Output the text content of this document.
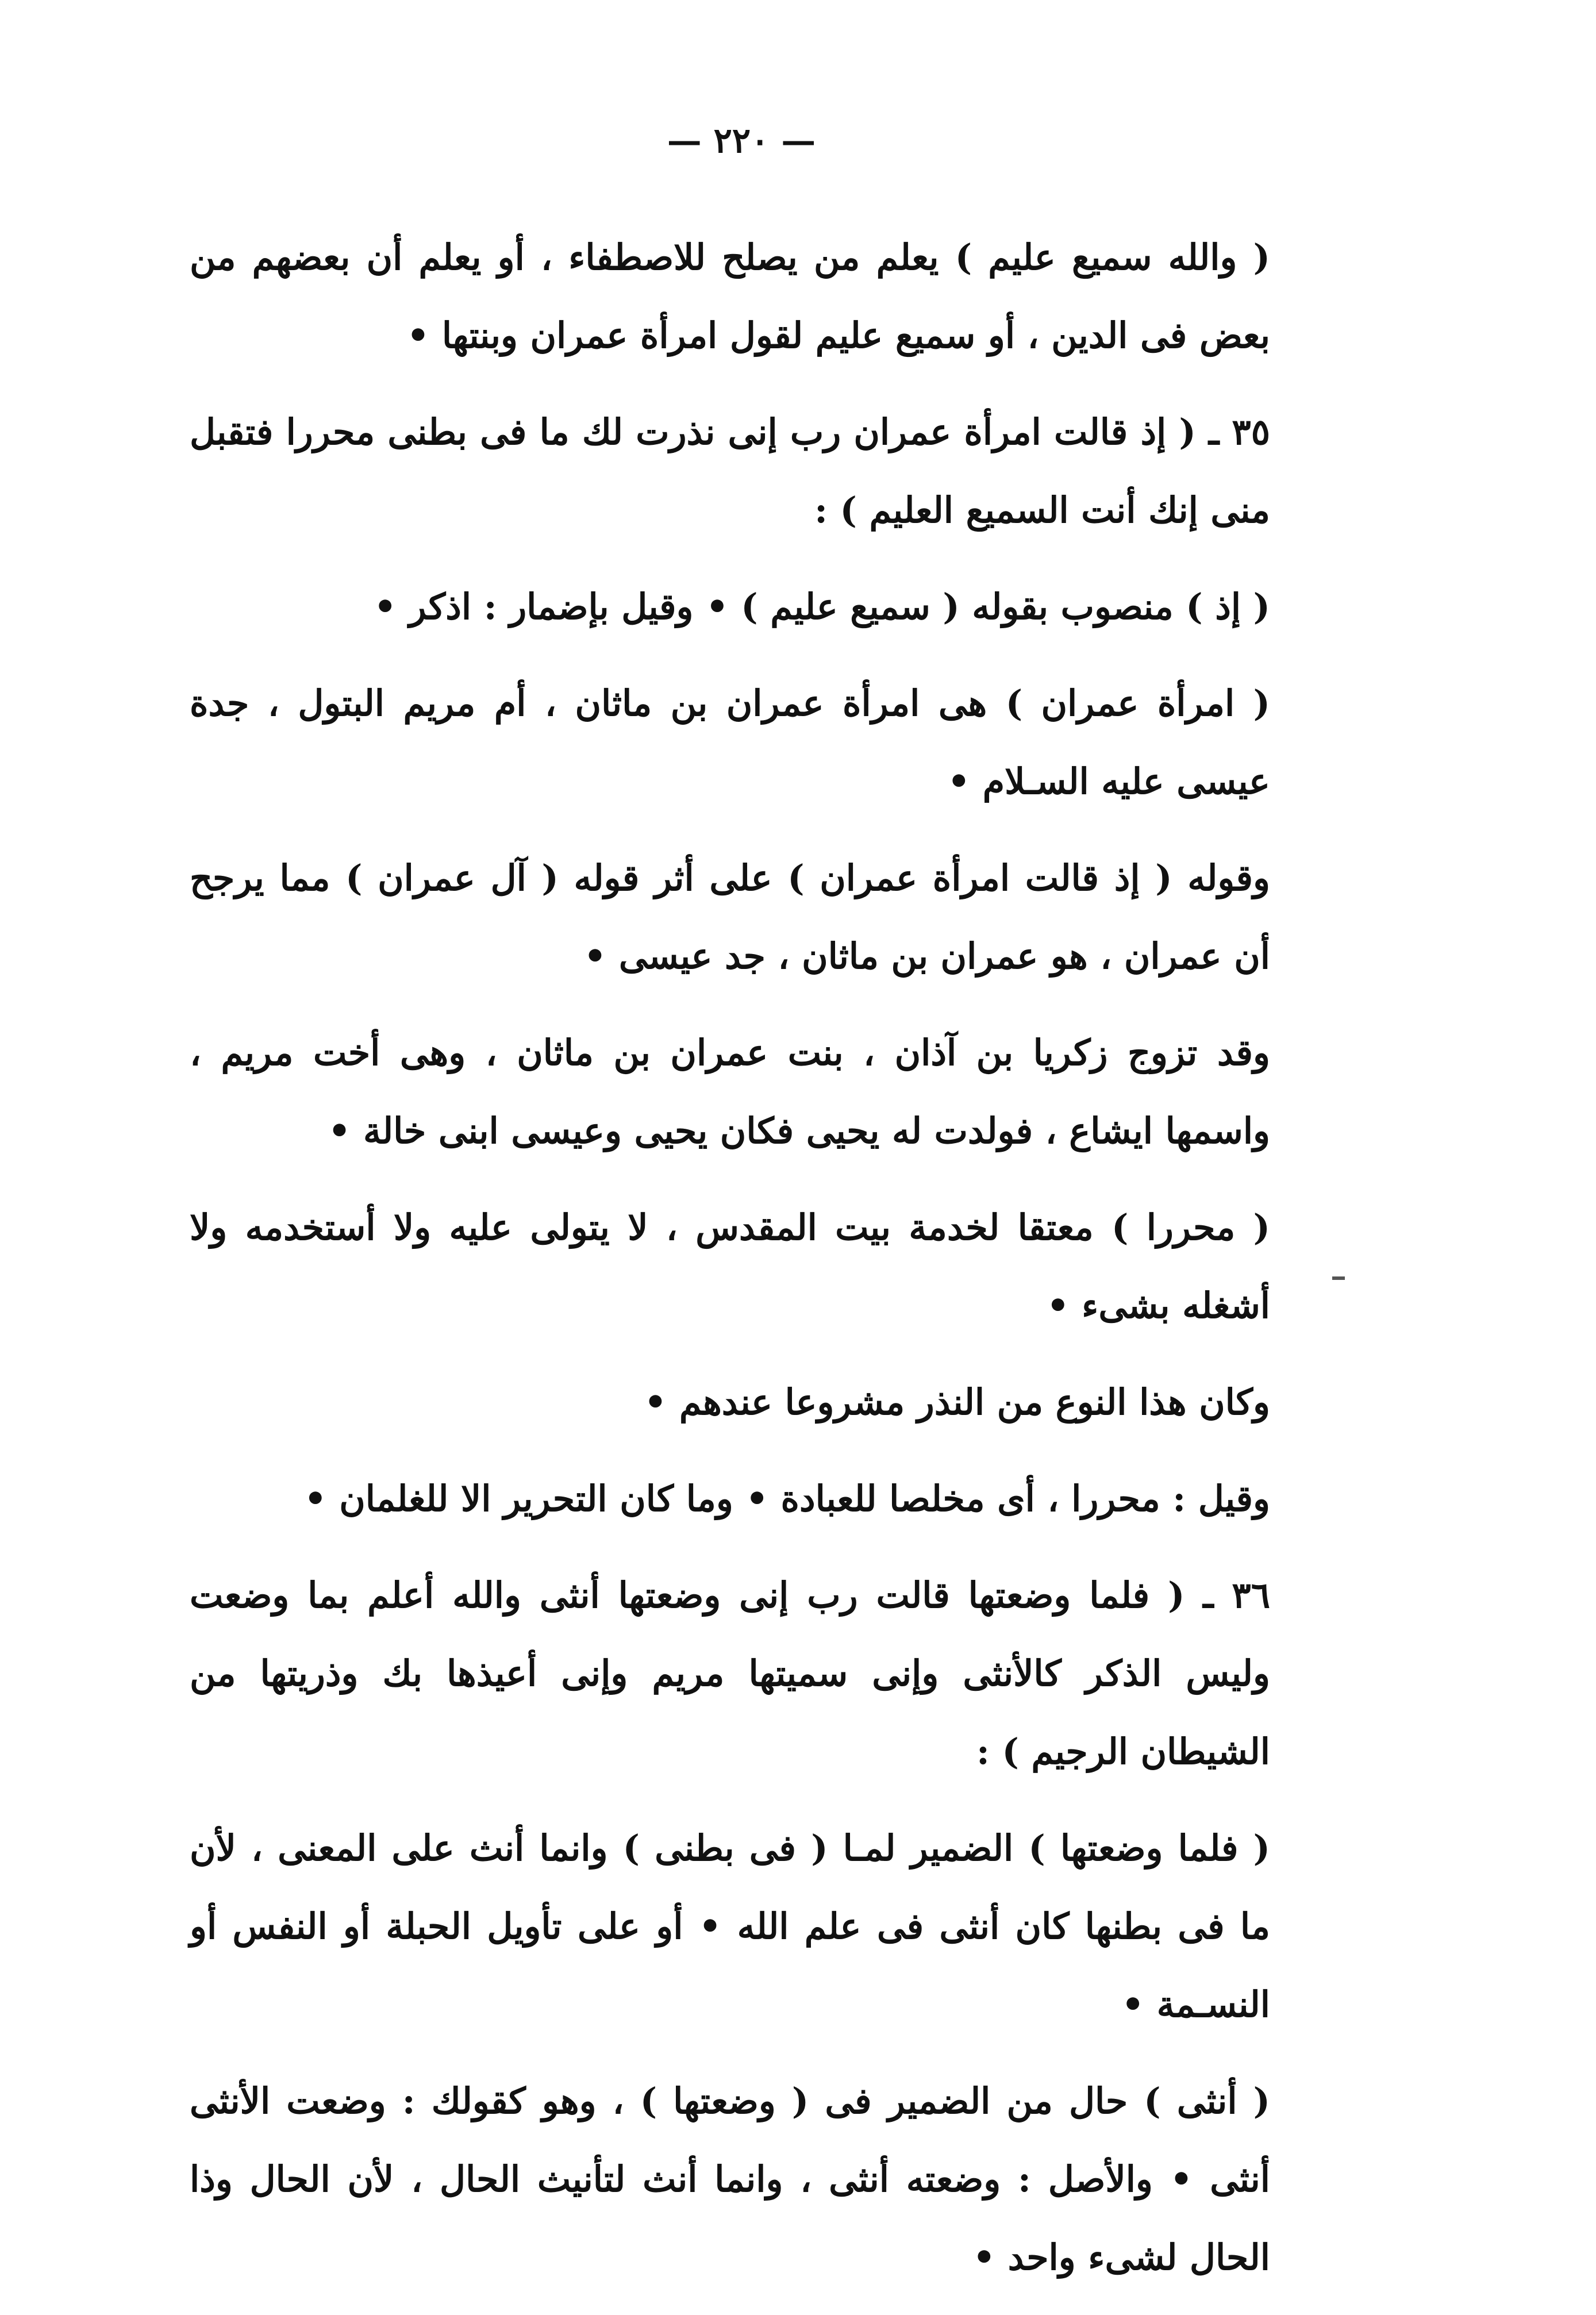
— ٢٢٠ —

( والله سميع عليم ) يعلم من يصلح للاصطفاء ، أو يعلم أن بعضهم من بعض فى الدين ، أو سميع عليم لقول امرأة عمران وبنتها •

٣٥ ـ ( إذ قالت امرأة عمران رب إنى نذرت لك ما فى بطنى محررا فتقبل منى إنك أنت السميع العليم ) :

( إذ ) منصوب بقوله ( سميع عليم ) • وقيل بإضمار : اذكر •

( امرأة عمران ) هى امرأة عمران بن ماثان ، أم مريم البتول ، جدة عيسى عليه السـلام •

وقوله ( إذ قالت امرأة عمران ) على أثر قوله ( آل عمران ) مما يرجح أن عمران ، هو عمران بن ماثان ، جد عيسى •

وقد تزوج زكريا بن آذان ، بنت عمران بن ماثان ، وهى أخت مريم ، واسمها ايشاع ، فولدت له يحيى فكان يحيى وعيسى ابنى خالة •

( محررا ) معتقا لخدمة بيت المقدس ، لا يتولى عليه ولا أستخدمه ولا أشغله بشىء •

وكان هذا النوع من النذر مشروعا عندهم •

وقيل : محررا ، أى مخلصا للعبادة • وما كان التحرير الا للغلمان •

٣٦ ـ ( فلما وضعتها قالت رب إنى وضعتها أنثى والله أعلم بما وضعت وليس الذكر كالأنثى وإنى سميتها مريم وإنى أعيذها بك وذريتها من الشيطان الرجيم ) :

( فلما وضعتها ) الضمير لمـا ( فى بطنى ) وانما أنث على المعنى ، لأن ما فى بطنها كان أنثى فى علم الله • أو على تأويل الحبلة أو النفس أو النسـمة •

( أنثى ) حال من الضمير فى ( وضعتها ) ، وهو كقولك : وضعت الأنثى أنثى • والأصل : وضعته أنثى ، وانما أنث لتأنيث الحال ، لأن الحال وذا الحال لشىء واحد •
